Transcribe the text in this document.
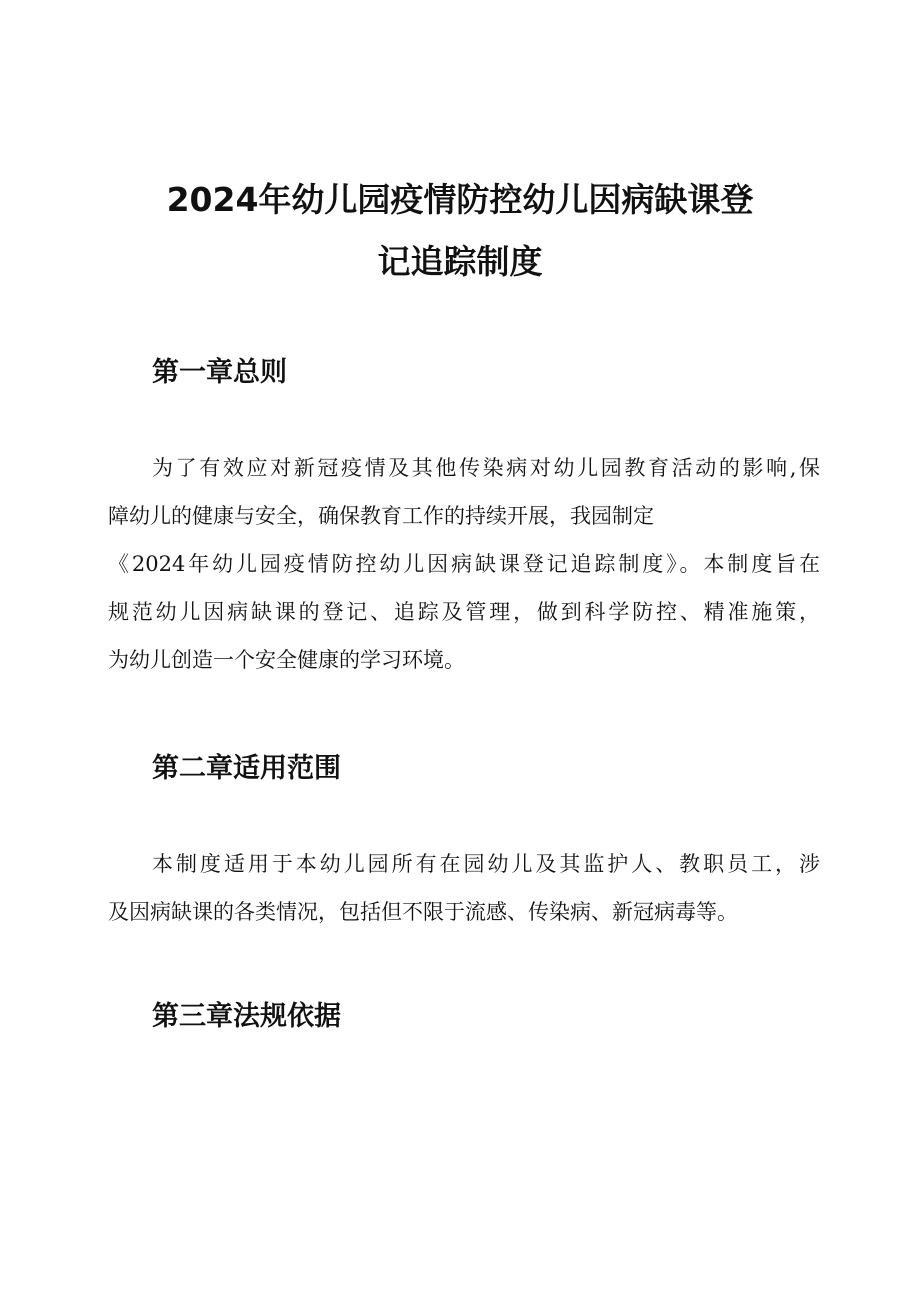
2024年幼儿园疫情防控幼儿因病缺课登
记追踪制度
第一章总则
为了有效应对新冠疫情及其他传染病对幼儿园教育活动的影响,保
障幼儿的健康与安全，确保教育工作的持续开展，我园制定
《2024年幼儿园疫情防控幼儿因病缺课登记追踪制度》。本制度旨在
规范幼儿因病缺课的登记、追踪及管理，做到科学防控、精准施策，
为幼儿创造一个安全健康的学习环境。
第二章适用范围
本制度适用于本幼儿园所有在园幼儿及其监护人、教职员工，涉
及因病缺课的各类情况，包括但不限于流感、传染病、新冠病毒等。
第三章法规依据
